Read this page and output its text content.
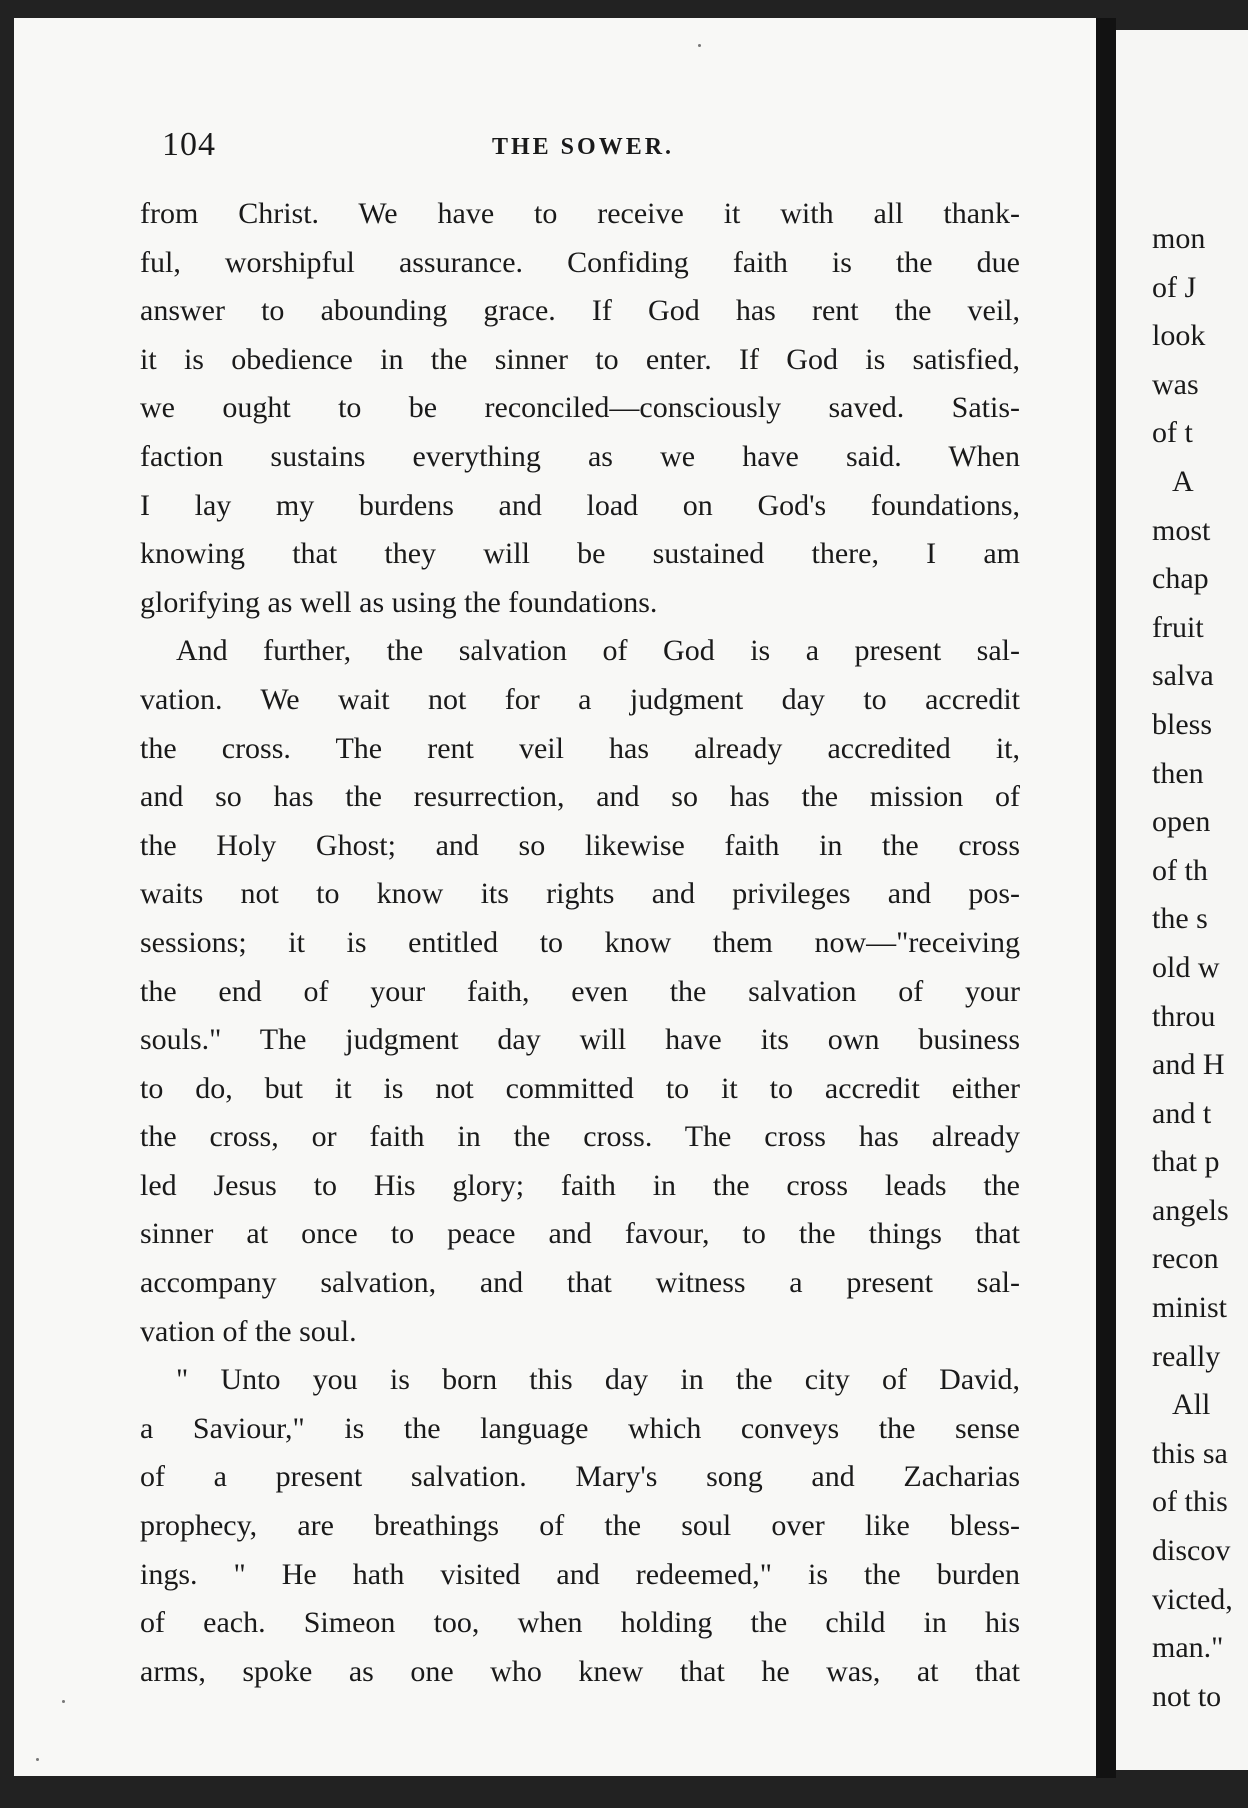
mon
of J
look
was
of t
A
most
chap
fruit
salva
bless
then
open
of th
the s
old w
throu
and H
and t
that p
angels
recon
minist
really
All
this sa
of this
discov
victed,
man."
not to
104	THE SOWER.
from Christ. We have to receive it with all thank-
ful, worshipful assurance. Confiding faith is the due
answer to abounding grace. If God has rent the veil,
it is obedience in the sinner to enter. If God is satisfied,
we ought to be reconciled—consciously saved. Satis-
faction sustains everything as we have said. When
I lay my burdens and load on God's foundations,
knowing that they will be sustained there, I am
glorifying as well as using the foundations.
And further, the salvation of God is a present sal-
vation. We wait not for a judgment day to accredit
the cross. The rent veil has already accredited it,
and so has the resurrection, and so has the mission of
the Holy Ghost; and so likewise faith in the cross
waits not to know its rights and privileges and pos-
sessions; it is entitled to know them now—"receiving
the end of your faith, even the salvation of your
souls." The judgment day will have its own business
to do, but it is not committed to it to accredit either
the cross, or faith in the cross. The cross has already
led Jesus to His glory; faith in the cross leads the
sinner at once to peace and favour, to the things that
accompany salvation, and that witness a present sal-
vation of the soul.
" Unto you is born this day in the city of David,
a Saviour," is the language which conveys the sense
of a present salvation. Mary's song and Zacharias
prophecy, are breathings of the soul over like bless-
ings. " He hath visited and redeemed," is the burden
of each. Simeon too, when holding the child in his
arms, spoke as one who knew that he was, at that
